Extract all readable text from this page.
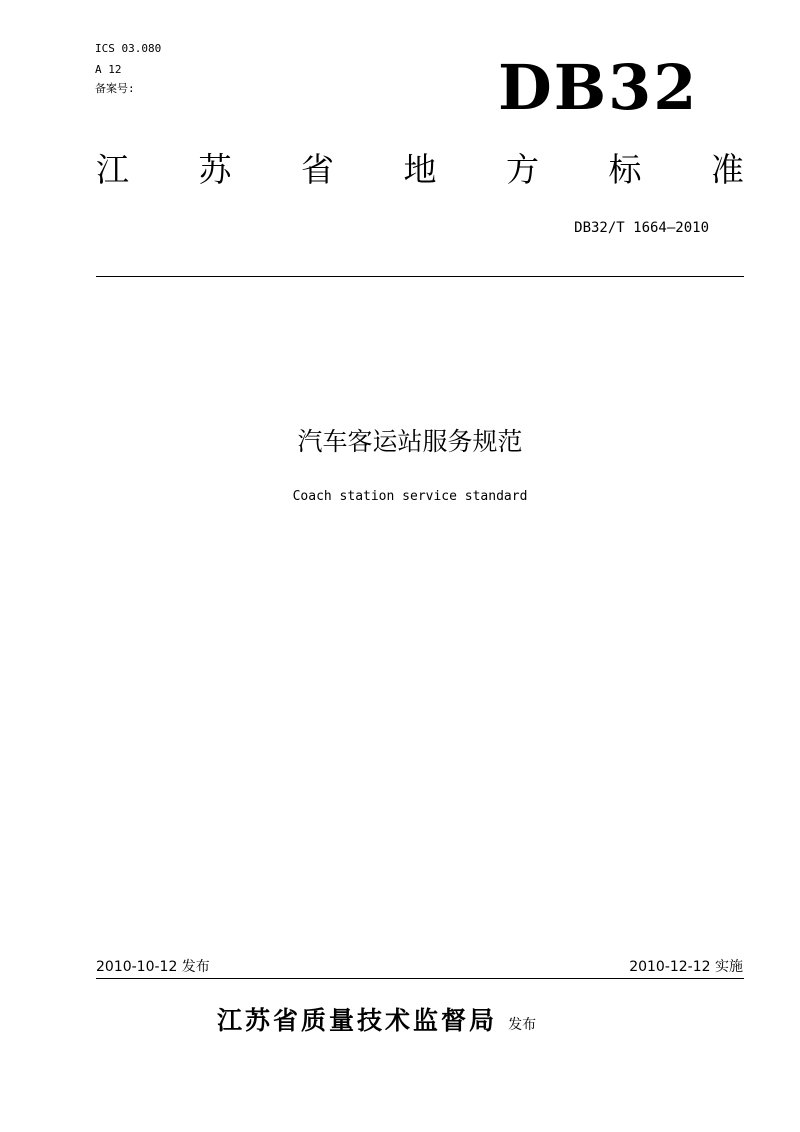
ICS 03.080
A 12
备案号:	DB32
江 苏 省 地 方 标 准
DB32/T 1664—2010
汽车客运站服务规范
Coach station service standard
2010-10-12 发布	2010-12-12 实施
江苏省质量技术监督局 发布
